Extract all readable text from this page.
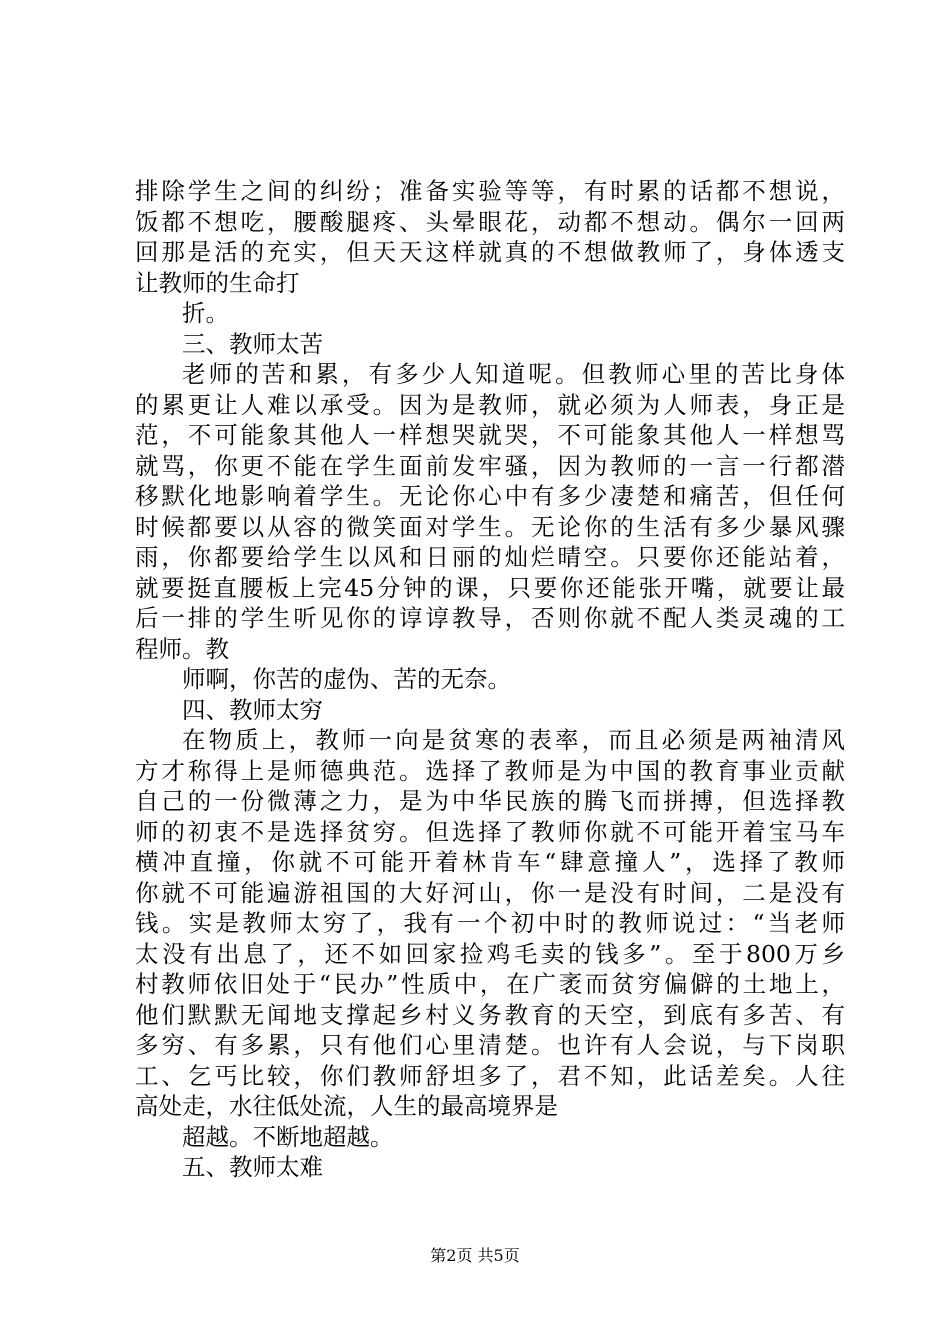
排除学生之间的纠纷；准备实验等等，有时累的话都不想说，
饭都不想吃，腰酸腿疼、头晕眼花，动都不想动。偶尔一回两
回那是活的充实，但天天这样就真的不想做教师了，身体透支
让教师的生命打
折。
三、教师太苦
老师的苦和累，有多少人知道呢。但教师心里的苦比身体
的累更让人难以承受。因为是教师，就必须为人师表，身正是
范，不可能象其他人一样想哭就哭，不可能象其他人一样想骂
就骂，你更不能在学生面前发牢骚，因为教师的一言一行都潜
移默化地影响着学生。无论你心中有多少凄楚和痛苦，但任何
时候都要以从容的微笑面对学生。无论你的生活有多少暴风骤
雨，你都要给学生以风和日丽的灿烂晴空。只要你还能站着，
就要挺直腰板上完45分钟的课，只要你还能张开嘴，就要让最
后一排的学生听见你的谆谆教导，否则你就不配人类灵魂的工
程师。教
师啊，你苦的虚伪、苦的无奈。
四、教师太穷
在物质上，教师一向是贫寒的表率，而且必须是两袖清风
方才称得上是师德典范。选择了教师是为中国的教育事业贡献
自己的一份微薄之力，是为中华民族的腾飞而拼搏，但选择教
师的初衷不是选择贫穷。但选择了教师你就不可能开着宝马车
横冲直撞，你就不可能开着林肯车“肆意撞人”，选择了教师
你就不可能遍游祖国的大好河山，你一是没有时间，二是没有
钱。实是教师太穷了，我有一个初中时的教师说过：“当老师
太没有出息了，还不如回家捡鸡毛卖的钱多”。至于800万乡
村教师依旧处于“民办”性质中，在广袤而贫穷偏僻的土地上，
他们默默无闻地支撑起乡村义务教育的天空，到底有多苦、有
多穷、有多累，只有他们心里清楚。也许有人会说，与下岗职
工、乞丐比较，你们教师舒坦多了，君不知，此话差矣。人往
高处走，水往低处流，人生的最高境界是
超越。不断地超越。
五、教师太难
第2页 共5页
